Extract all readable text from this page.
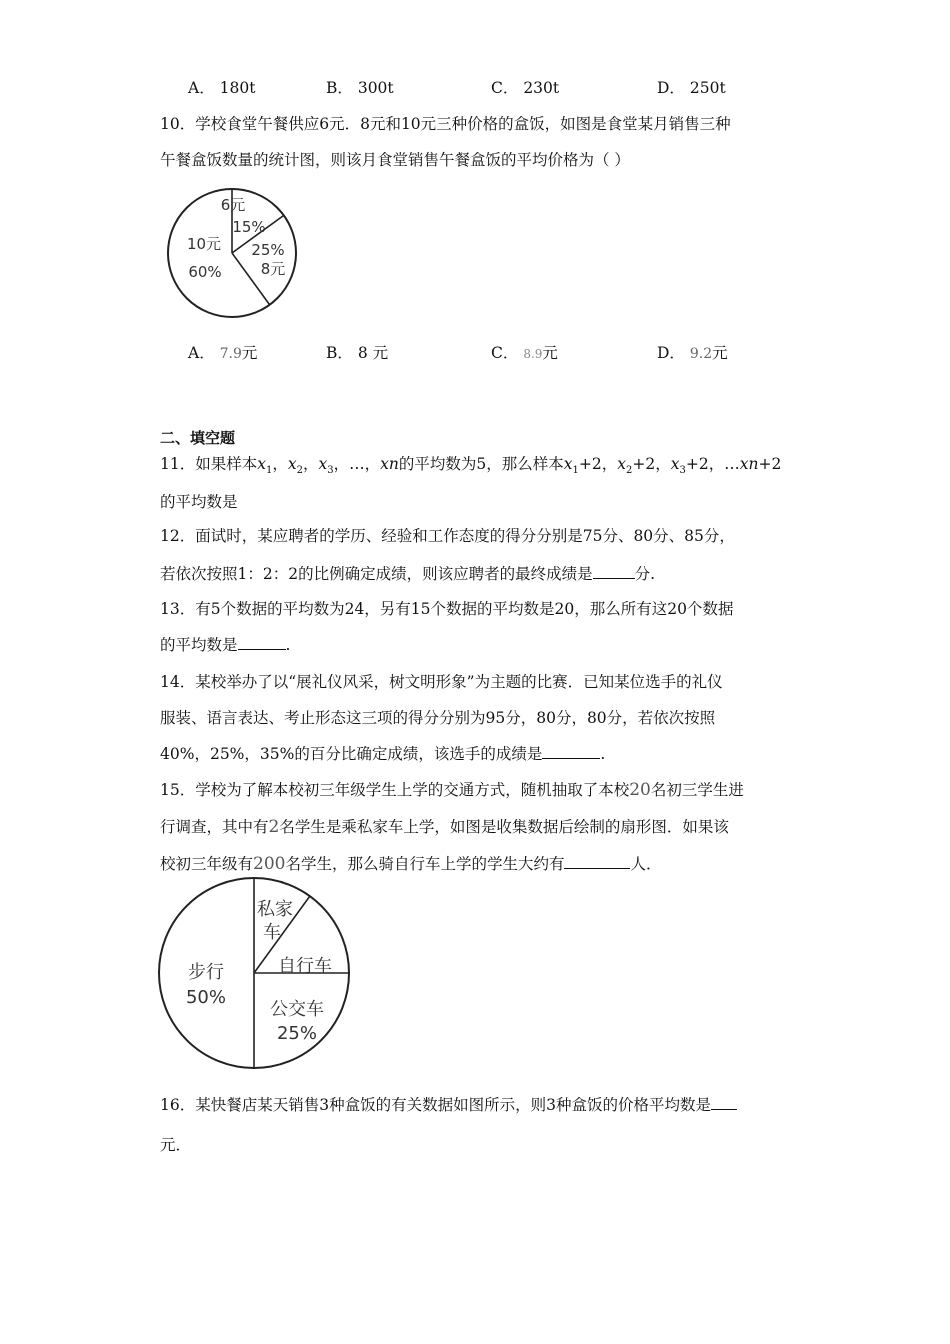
A． 180t	B． 300t	C． 230t	D． 250t
10．学校食堂午餐供应6元．8元和10元三种价格的盒饭，如图是食堂某月销售三种
午餐盒饭数量的统计图，则该月食堂销售午餐盒饭的平均价格为（ ）
6元
15%
25%
8元
10元
60%
A． 7.9元	B． 8 元	C． 8.9元	D． 9.2元
二、填空题
11．如果样本$x_1$，$x_2$，$x_3$，…，xn的平均数为5，那么样本$x_1+2$，$x_2+2$，$x_3+2$，…xn+2
的平均数是
12．面试时，某应聘者的学历、经验和工作态度的得分分别是75分、80分、85分，
若依次按照1：2：2的比例确定成绩，则该应聘者的最终成绩是	分.
13．有5个数据的平均数为24，另有15个数据的平均数是20，那么所有这20个数据
的平均数是	.
14．某校举办了以“展礼仪风采，树文明形象”为主题的比赛．已知某位选手的礼仪
服装、语言表达、考止形态这三项的得分分别为95分，80分，80分，若依次按照
40%，25%，35%的百分比确定成绩，该选手的成绩是	.
15．学校为了解本校初三年级学生上学的交通方式，随机抽取了本校20名初三学生进
行调查，其中有2名学生是乘私家车上学，如图是收集数据后绘制的扇形图．如果该
校初三年级有200名学生，那么骑自行车上学的学生大约有	人．
私家
车
自行车
公交车
25%
步行
50%
16．某快餐店某天销售3种盒饭的有关数据如图所示，则3种盒饭的价格平均数是
元．
